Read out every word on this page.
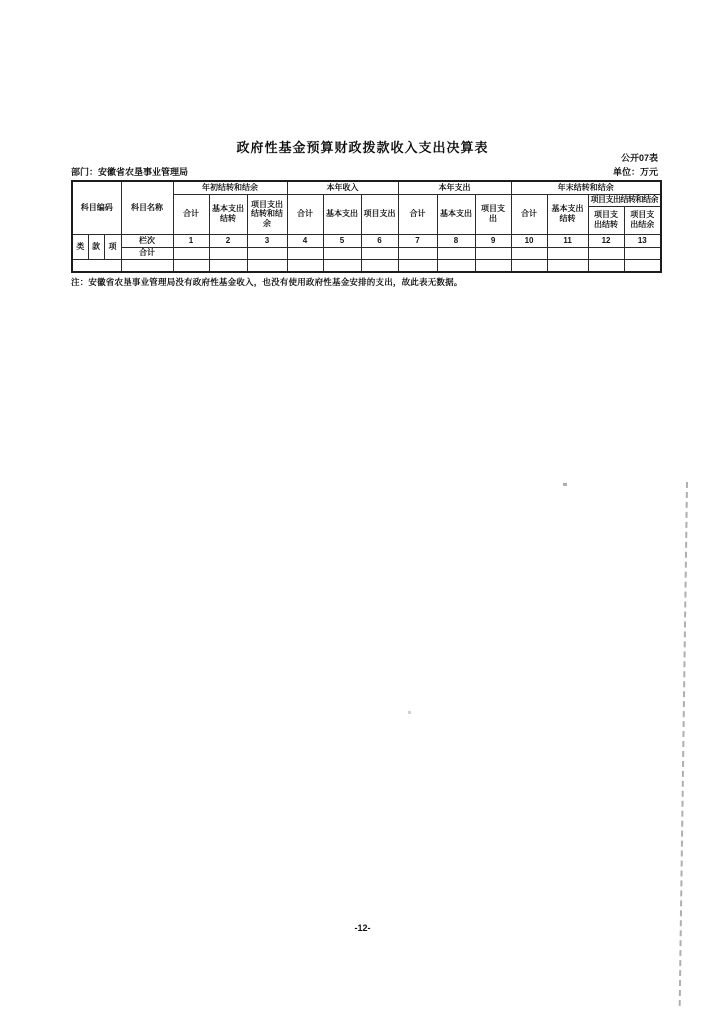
政府性基金预算财政拨款收入支出决算表
公开07表
部门：安徽省农垦事业管理局	单位：万元
科目编码			科目名称	年初结转和结余			本年收入			本年支出			年末结转和结余			
				合计	基本支出结转	项目支出结转和结余	合计	基本支出	项目支出	合计	基本支出	项目支出	合计	基本支出结转	项目支出结转和结余	
															项目支出结转	项目支出结余
类	款	项	栏次	1	2	3	4	5	6	7	8	9	10	11	12	13
			合计													

注：安徽省农垦事业管理局没有政府性基金收入，也没有使用政府性基金安排的支出，故此表无数据。
-12-
